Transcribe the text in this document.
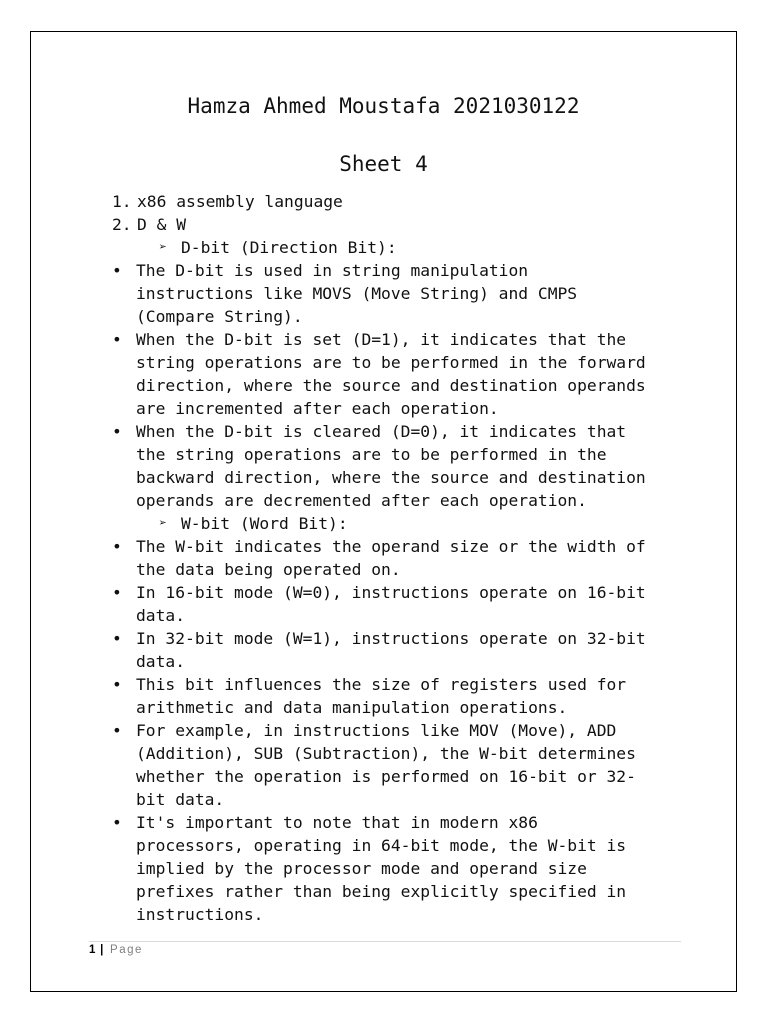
Hamza Ahmed Moustafa 2021030122
Sheet 4
1. x86 assembly language
2. D & W
➢ D-bit (Direction Bit):
• The D-bit is used in string manipulation
instructions like MOVS (Move String) and CMPS
(Compare String).
• When the D-bit is set (D=1), it indicates that the
string operations are to be performed in the forward
direction, where the source and destination operands
are incremented after each operation.
• When the D-bit is cleared (D=0), it indicates that
the string operations are to be performed in the
backward direction, where the source and destination
operands are decremented after each operation.
➢ W-bit (Word Bit):
• The W-bit indicates the operand size or the width of
the data being operated on.
• In 16-bit mode (W=0), instructions operate on 16-bit
data.
• In 32-bit mode (W=1), instructions operate on 32-bit
data.
• This bit influences the size of registers used for
arithmetic and data manipulation operations.
• For example, in instructions like MOV (Move), ADD
(Addition), SUB (Subtraction), the W-bit determines
whether the operation is performed on 16-bit or 32-
bit data.
• It's important to note that in modern x86
processors, operating in 64-bit mode, the W-bit is
implied by the processor mode and operand size
prefixes rather than being explicitly specified in
instructions.
1 | Page
